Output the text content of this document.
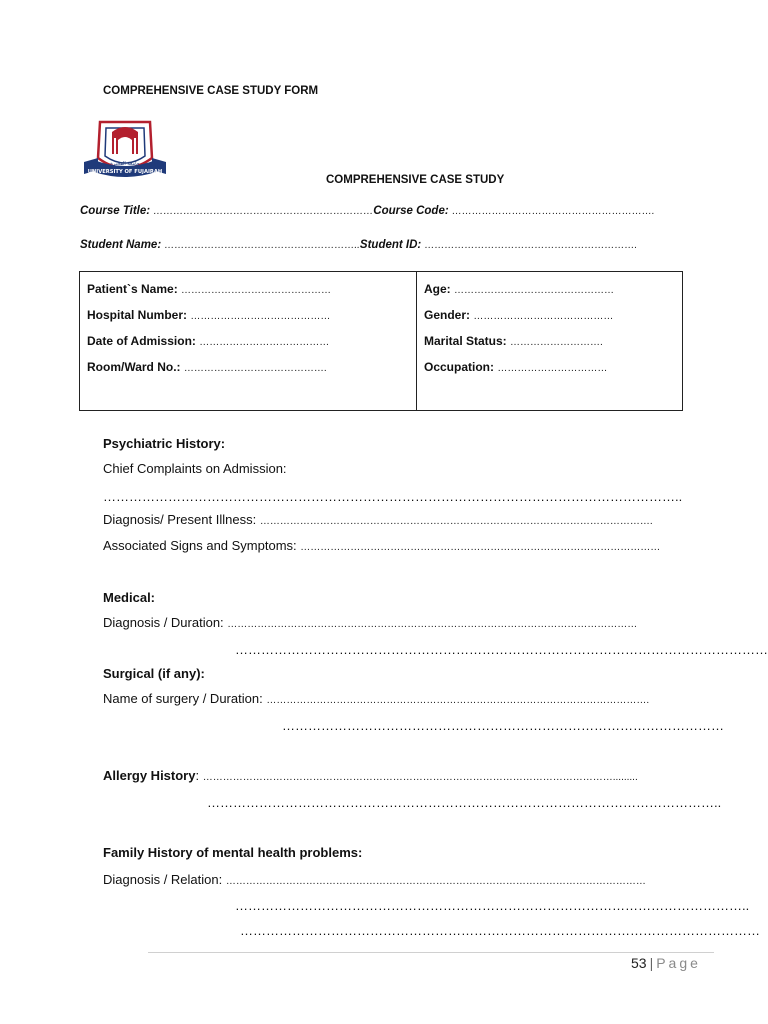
COMPREHENSIVE CASE STUDY FORM
جامعة الفجيرة
UNIVERSITY OF FUJAIRAH
COMPREHENSIVE CASE STUDY
Course Title: …………………………………………………………Course Code: …………………………………………………….
Student Name: …………………………………………………..Student ID: ……………………………………………………….
Patient`s Name: ………………………………………
Hospital Number: ……………………………………
Date of Admission: …………………………………
Room/Ward No.: …………………………………….
Age: …………………………………………
Gender: ……………………………………
Marital Status: ……………………….
Occupation: ……………………………
Psychiatric History:
Chief Complaints on Admission:
……………………………………………………………………………………………………………………..
Diagnosis/ Present Illness: ……………………………………………………………………………………………………….
Associated Signs and Symptoms: ………………………………………………………………………………………………
Medical:
Diagnosis / Duration: ……………………………………………………………………………………………………………
……………………………………………………………………………………………………………
Surgical (if any):
Name of surgery / Duration: …………………………………………………………………………………………………….
…………………………………………………………………………………………
Allergy History: …………………………………………………………………………………………………………….........
………………………………………………………………………………………………………..
Family History of mental health problems:
Diagnosis / Relation: ………………………………………………………………………………………………………………
………………………………………………………………………………………………………..
…………………………………………………………………………………………………………
53 | Page
